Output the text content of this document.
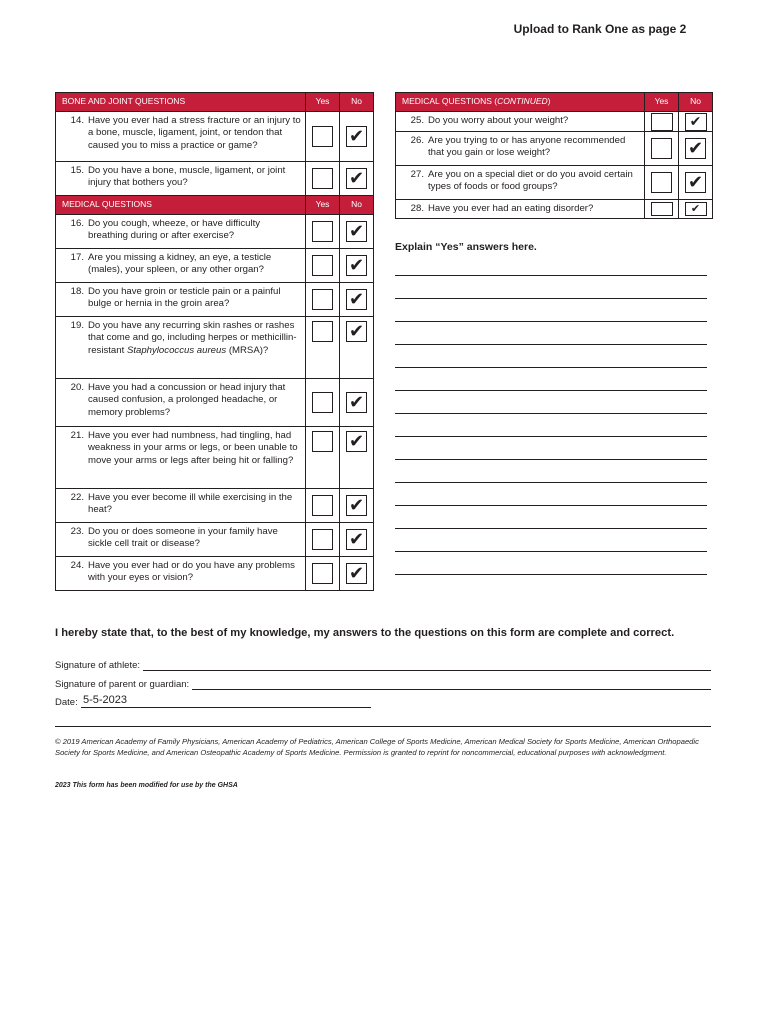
Upload to Rank One as page 2
BONE AND JOINT QUESTIONS	Yes	No

14. Have you ever had a stress fracture or an injury to a bone, muscle, ligament, joint, or tendon that caused you to miss a practice or game?		✔

15. Do you have a bone, muscle, ligament, or joint injury that bothers you?		✔
MEDICAL QUESTIONS	Yes	No

16. Do you cough, wheeze, or have difficulty breathing during or after exercise?		✔

17. Are you missing a kidney, an eye, a testicle (males), your spleen, or any other organ?		✔

18. Do you have groin or testicle pain or a painful bulge or hernia in the groin area?		✔

19. Do you have any recurring skin rashes or rashes that come and go, including herpes or methicillin-resistant Staphylococcus aureus (MRSA)?		✔

20. Have you had a concussion or head injury that caused confusion, a prolonged headache, or memory problems?		✔

21. Have you ever had numbness, had tingling, had weakness in your arms or legs, or been unable to move your arms or legs after being hit or falling?		✔

22. Have you ever become ill while exercising in the heat?		✔

23. Do you or does someone in your family have sickle cell trait or disease?		✔

24. Have you ever had or do you have any problems with your eyes or vision?		✔
MEDICAL QUESTIONS (CONTINUED)	Yes	No

25. Do you worry about your weight?		✔

26. Are you trying to or has anyone recommended that you gain or lose weight?		✔

27. Are you on a special diet or do you avoid certain types of foods or food groups?		✔

28. Have you ever had an eating disorder?		✔
Explain “Yes” answers here.
I hereby state that, to the best of my knowledge, my answers to the questions on this form are complete and correct.
Signature of athlete:
Signature of parent or guardian:
Date: 5-5-2023
© 2019 American Academy of Family Physicians, American Academy of Pediatrics, American College of Sports Medicine, American Medical Society for Sports Medicine, American Orthopaedic Society for Sports Medicine, and American Osteopathic Academy of Sports Medicine. Permission is granted to reprint for noncommercial, educational purposes with acknowledgment.
2023 This form has been modified for use by the GHSA
